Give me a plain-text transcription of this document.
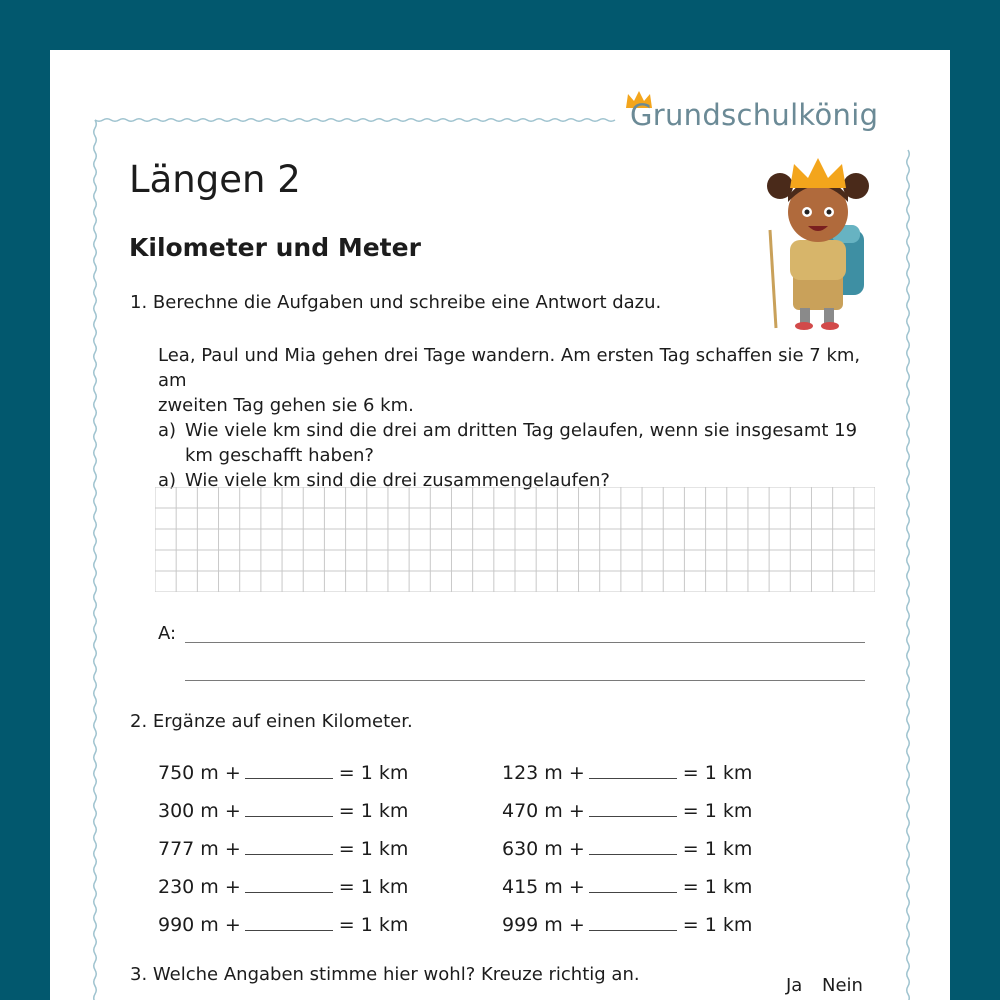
Grundschulkönig
Längen 2
Kilometer und Meter
1. Berechne die Aufgaben und schreibe eine Antwort dazu.

Lea, Paul und Mia gehen drei Tage wandern. Am ersten Tag schaffen sie 7 km, am

zweiten Tag gehen sie 6 km.

a) Wie viele km sind die drei am dritten Tag gelaufen, wenn sie insgesamt 19
km geschafft haben?
a) Wie viele km sind die drei zusammengelaufen?
A:
2. Ergänze auf einen Kilometer.
750 m +	= 1 km	123 m +	= 1 km
300 m +	= 1 km	470 m +	= 1 km
777 m +	= 1 km	630 m +	= 1 km
230 m +	= 1 km	415 m +	= 1 km
990 m +	= 1 km	999 m +	= 1 km
3. Welche Angaben stimme hier wohl? Kreuze richtig an.
Ja Nein
